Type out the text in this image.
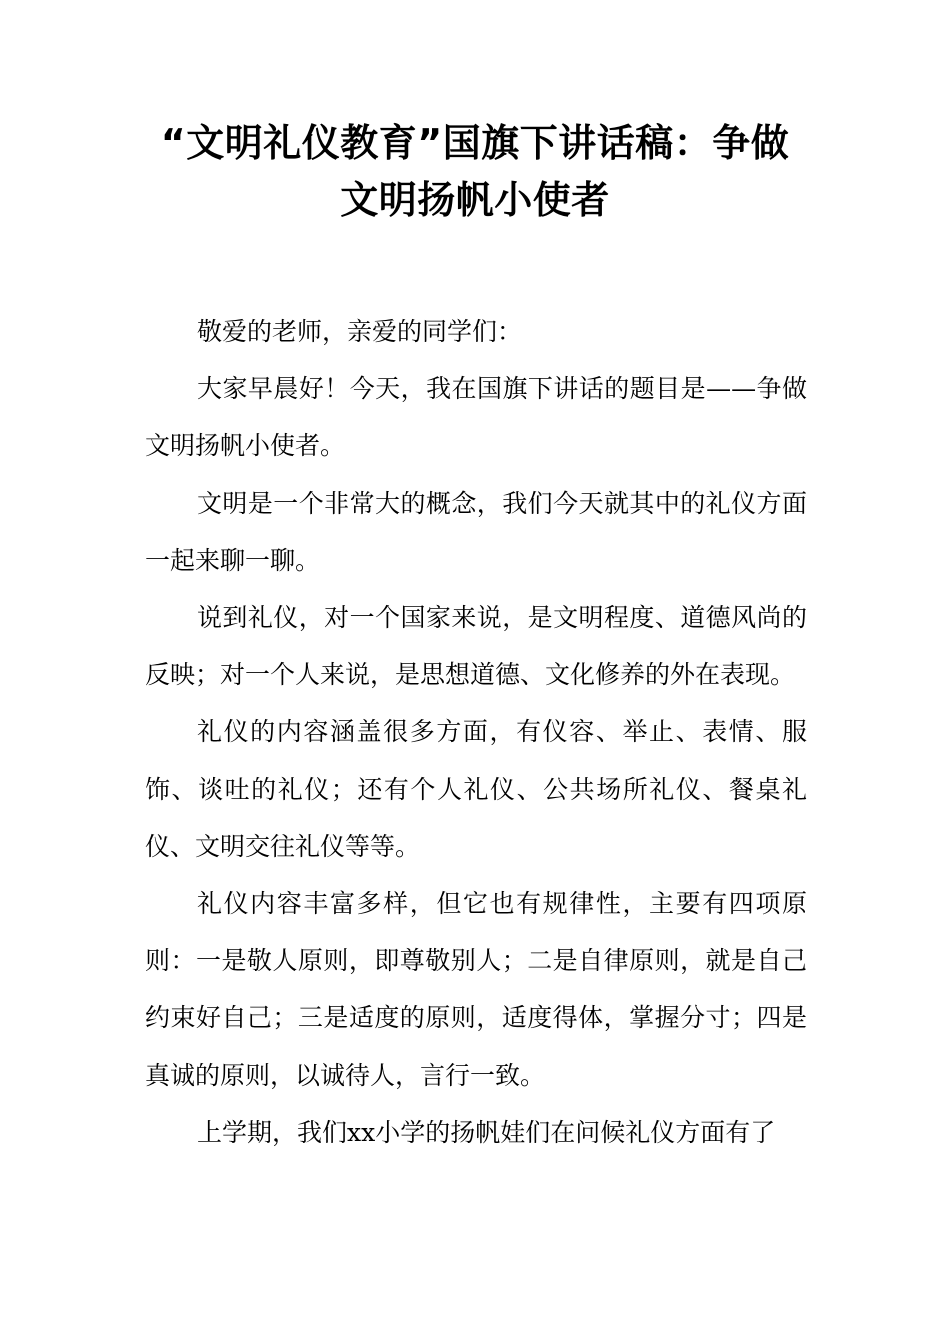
“文明礼仪教育”国旗下讲话稿：争做
文明扬帆小使者

敬爱的老师，亲爱的同学们：

大家早晨好！今天，我在国旗下讲话的题目是——争做文明扬帆小使者。

文明是一个非常大的概念，我们今天就其中的礼仪方面一起来聊一聊。

说到礼仪，对一个国家来说，是文明程度、道德风尚的反映；对一个人来说，是思想道德、文化修养的外在表现。

礼仪的内容涵盖很多方面，有仪容、举止、表情、服饰、谈吐的礼仪；还有个人礼仪、公共场所礼仪、餐桌礼仪、文明交往礼仪等等。

礼仪内容丰富多样，但它也有规律性，主要有四项原则：一是敬人原则，即尊敬别人；二是自律原则，就是自己约束好自己；三是适度的原则，适度得体，掌握分寸；四是真诚的原则，以诚待人，言行一致。

上学期，我们xx小学的扬帆娃们在问候礼仪方面有了
